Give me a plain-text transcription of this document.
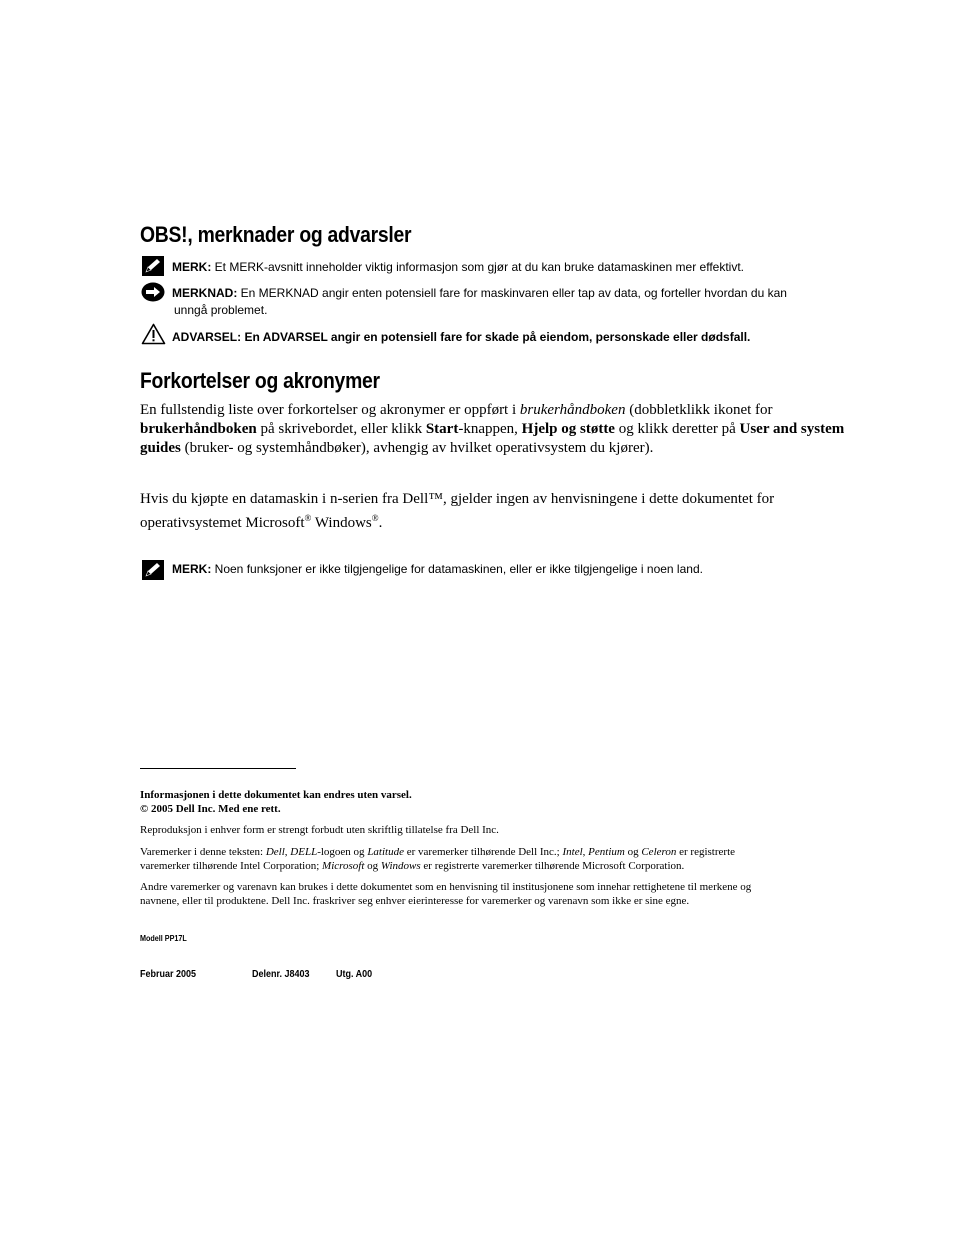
OBS!, merknader og advarsler
MERK: Et MERK-avsnitt inneholder viktig informasjon som gjør at du kan bruke datamaskinen mer effektivt.
MERKNAD: En MERKNAD angir enten potensiell fare for maskinvaren eller tap av data, og forteller hvordan du kan
unngå problemet.
ADVARSEL: En ADVARSEL angir en potensiell fare for skade på eiendom, personskade eller dødsfall.
Forkortelser og akronymer
En fullstendig liste over forkortelser og akronymer er oppført i brukerhåndboken (dobbletklikk ikonet for
brukerhåndboken på skrivebordet, eller klikk Start-knappen, Hjelp og støtte og klikk deretter på User and system
guides (bruker- og systemhåndbøker), avhengig av hvilket operativsystem du kjører).
Hvis du kjøpte en datamaskin i n-serien fra Dell™, gjelder ingen av henvisningene i dette dokumentet for
operativsystemet Microsoft® Windows®.
MERK: Noen funksjoner er ikke tilgjengelige for datamaskinen, eller er ikke tilgjengelige i noen land.
Informasjonen i dette dokumentet kan endres uten varsel.
© 2005 Dell Inc. Med ene rett.
Reproduksjon i enhver form er strengt forbudt uten skriftlig tillatelse fra Dell Inc.
Varemerker i denne teksten: Dell, DELL-logoen og Latitude er varemerker tilhørende Dell Inc.; Intel, Pentium og Celeron er registrerte
varemerker tilhørende Intel Corporation; Microsoft og Windows er registrerte varemerker tilhørende Microsoft Corporation.
Andre varemerker og varenavn kan brukes i dette dokumentet som en henvisning til institusjonene som innehar rettighetene til merkene og
navnene, eller til produktene. Dell Inc. fraskriver seg enhver eierinteresse for varemerker og varenavn som ikke er sine egne.
Modell PP17L
Februar 2005	Delenr. J8403	Utg. A00
